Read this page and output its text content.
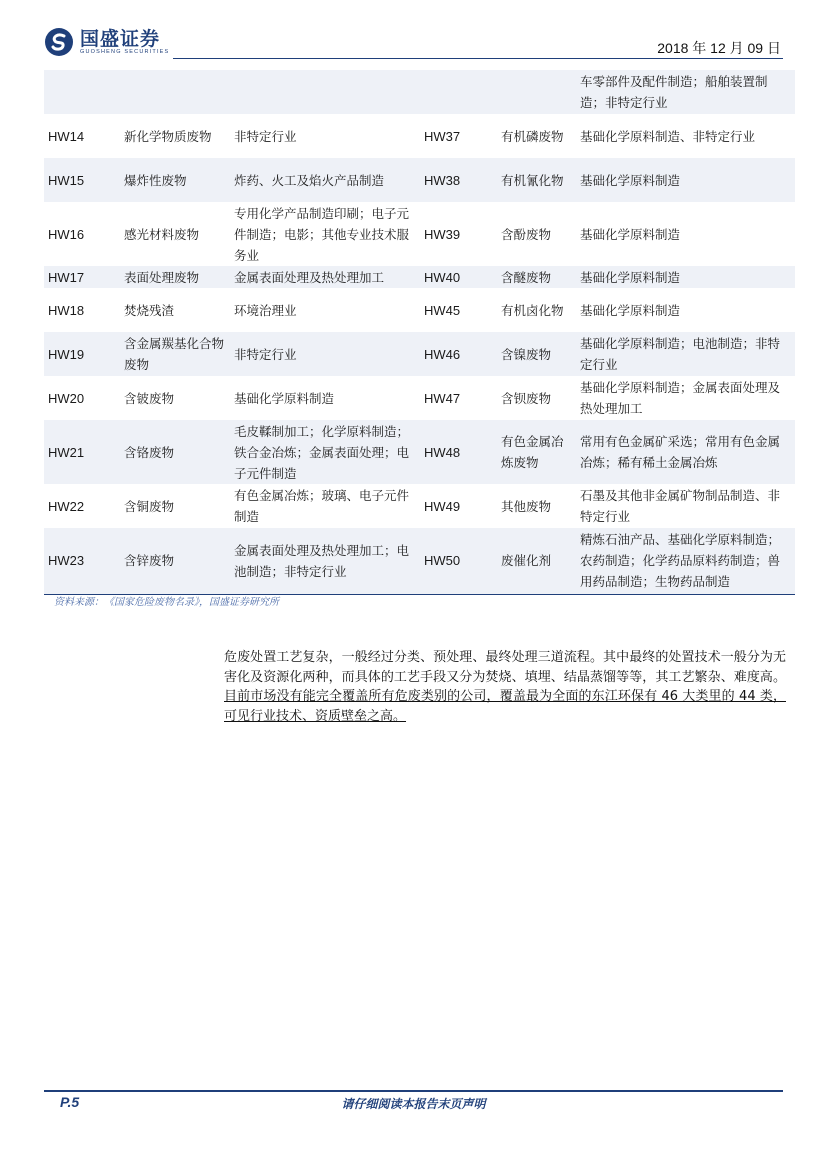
国盛证券
GUOSHENG SECURITIES	2018 年 12 月 09 日
					车零部件及配件制造；船舶装置制造；非特定行业
HW14	新化学物质废物	非特定行业	HW37	有机磷废物	基础化学原料制造、非特定行业
HW15	爆炸性废物	炸药、火工及焰火产品制造	HW38	有机氰化物	基础化学原料制造
HW16	感光材料废物	专用化学产品制造印刷；电子元件制造；电影；其他专业技术服务业	HW39	含酚废物	基础化学原料制造
HW17	表面处理废物	金属表面处理及热处理加工	HW40	含醚废物	基础化学原料制造
HW18	焚烧残渣	环境治理业	HW45	有机卤化物	基础化学原料制造
HW19	含金属羰基化合物废物	非特定行业	HW46	含镍废物	基础化学原料制造；电池制造；非特定行业
HW20	含铍废物	基础化学原料制造	HW47	含钡废物	基础化学原料制造；金属表面处理及热处理加工
HW21	含铬废物	毛皮鞣制加工；化学原料制造；铁合金冶炼；金属表面处理；电子元件制造	HW48	有色金属冶炼废物	常用有色金属矿采选；常用有色金属冶炼；稀有稀土金属冶炼
HW22	含铜废物	有色金属冶炼；玻璃、电子元件制造	HW49	其他废物	石墨及其他非金属矿物制品制造、非特定行业
HW23	含锌废物	金属表面处理及热处理加工；电池制造；非特定行业	HW50	废催化剂	精炼石油产品、基础化学原料制造；农药制造；化学药品原料药制造；兽用药品制造；生物药品制造
资料来源：《国家危险废物名录》，国盛证券研究所
危废处置工艺复杂，一般经过分类、预处理、最终处理三道流程。其中最终的处置技术一般分为无害化及资源化两种，而具体的工艺手段又分为焚烧、填埋、结晶蒸馏等等，其工艺繁杂、难度高。目前市场没有能完全覆盖所有危废类别的公司，覆盖最为全面的东江环保有 46 大类里的 44 类，可见行业技术、资质壁垒之高。
P.5	请仔细阅读本报告末页声明
